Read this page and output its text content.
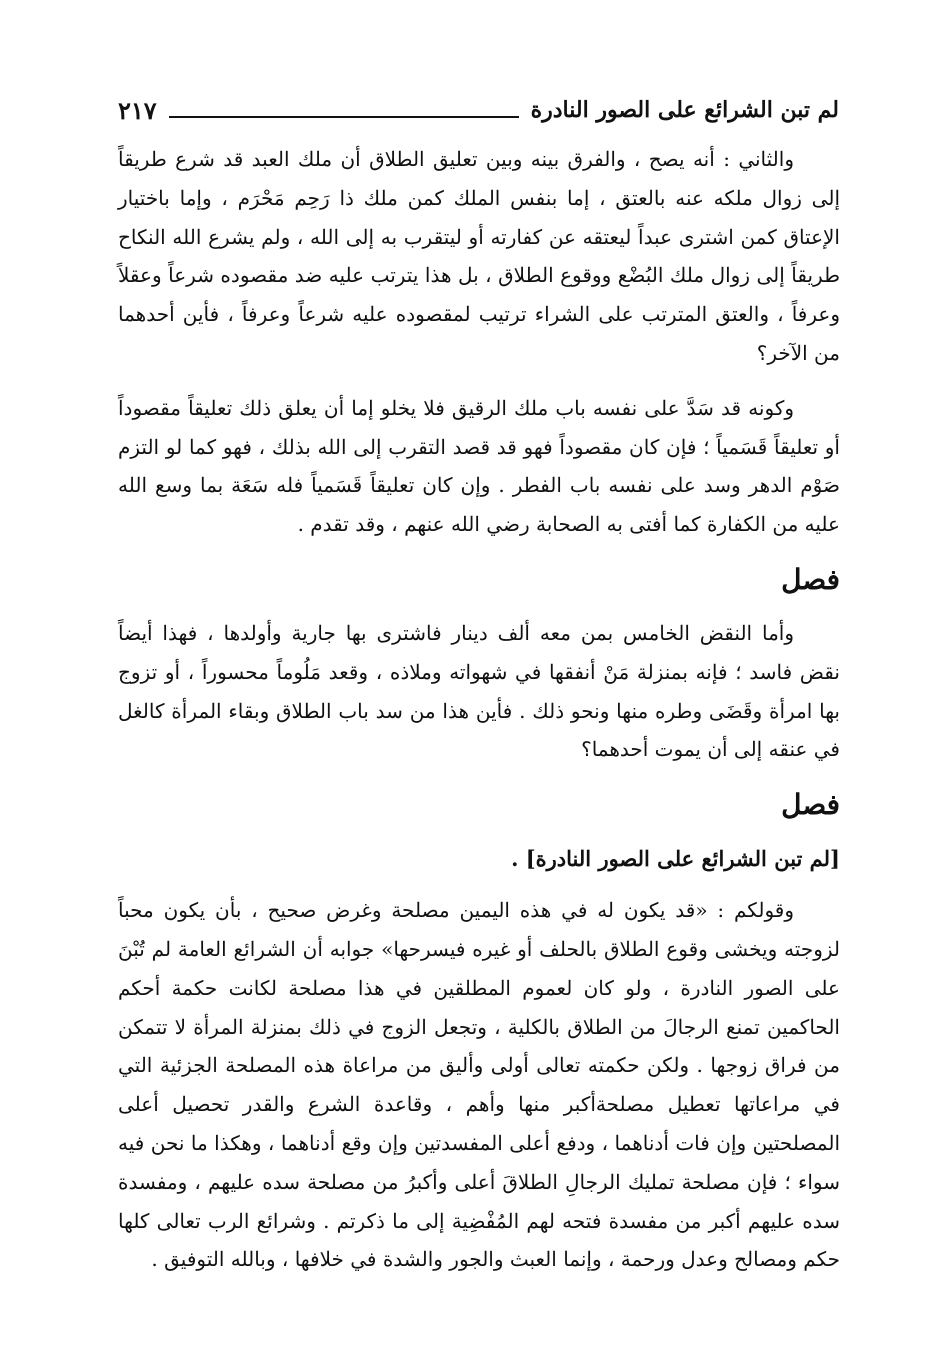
لم تبن الشرائع على الصور النادرة
٢١٧

والثاني : أنه يصح ، والفرق بينه وبين تعليق الطلاق أن ملك العبد قد شرع طريقاً إلى زوال ملكه عنه بالعتق ، إما بنفس الملك كمن ملك ذا رَحِم مَحْرَم ، وإما باختيار الإعتاق كمن اشترى عبداً ليعتقه عن كفارته أو ليتقرب به إلى الله ، ولم يشرع الله النكاح طريقاً إلى زوال ملك البُضْع ووقوع الطلاق ، بل هذا يترتب عليه ضد مقصوده شرعاً وعقلاً وعرفاً ، والعتق المترتب على الشراء ترتيب لمقصوده عليه شرعاً وعرفاً ، فأين أحدهما من الآخر؟

وكونه قد سَدَّ على نفسه باب ملك الرقيق فلا يخلو إما أن يعلق ذلك تعليقاً مقصوداً أو تعليقاً قَسَمياً ؛ فإن كان مقصوداً فهو قد قصد التقرب إلى الله بذلك ، فهو كما لو التزم صَوْم الدهر وسد على نفسه باب الفطر . وإن كان تعليقاً قَسَمياً فله سَعَة بما وسع الله عليه من الكفارة كما أفتى به الصحابة رضي الله عنهم ، وقد تقدم .

فصل

وأما النقض الخامس بمن معه ألف دينار فاشترى بها جارية وأولدها ، فهذا أيضاً نقض فاسد ؛ فإنه بمنزلة مَنْ أنفقها في شهواته وملاذه ، وقعد مَلُوماً محسوراً ، أو تزوج بها امرأة وقَضَى وطره منها ونحو ذلك . فأين هذا من سد باب الطلاق وبقاء المرأة كالغل في عنقه إلى أن يموت أحدهما؟

فصل
[لم تبن الشرائع على الصور النادرة] .

وقولكم : «قد يكون له في هذه اليمين مصلحة وغرض صحيح ، بأن يكون محباً لزوجته ويخشى وقوع الطلاق بالحلف أو غيره فيسرحها» جوابه أن الشرائع العامة لم تُبْنَ على الصور النادرة ، ولو كان لعموم المطلقين في هذا مصلحة لكانت حكمة أحكم الحاكمين تمنع الرجالَ من الطلاق بالكلية ، وتجعل الزوج في ذلك بمنزلة المرأة لا تتمكن من فراق زوجها . ولكن حكمته تعالى أولى وأليق من مراعاة هذه المصلحة الجزئية التي في مراعاتها تعطيل مصلحةأكبر منها وأهم ، وقاعدة الشرع والقدر تحصيل أعلى المصلحتين وإن فات أدناهما ، ودفع أعلى المفسدتين وإن وقع أدناهما ، وهكذا ما نحن فيه سواء ؛ فإن مصلحة تمليك الرجالِ الطلاقَ أعلى وأكبرُ من مصلحة سده عليهم ، ومفسدة سده عليهم أكبر من مفسدة فتحه لهم المُفْضِية إلى ما ذكرتم . وشرائع الرب تعالى كلها حكم ومصالح وعدل ورحمة ، وإنما العبث والجور والشدة في خلافها ، وبالله التوفيق .
